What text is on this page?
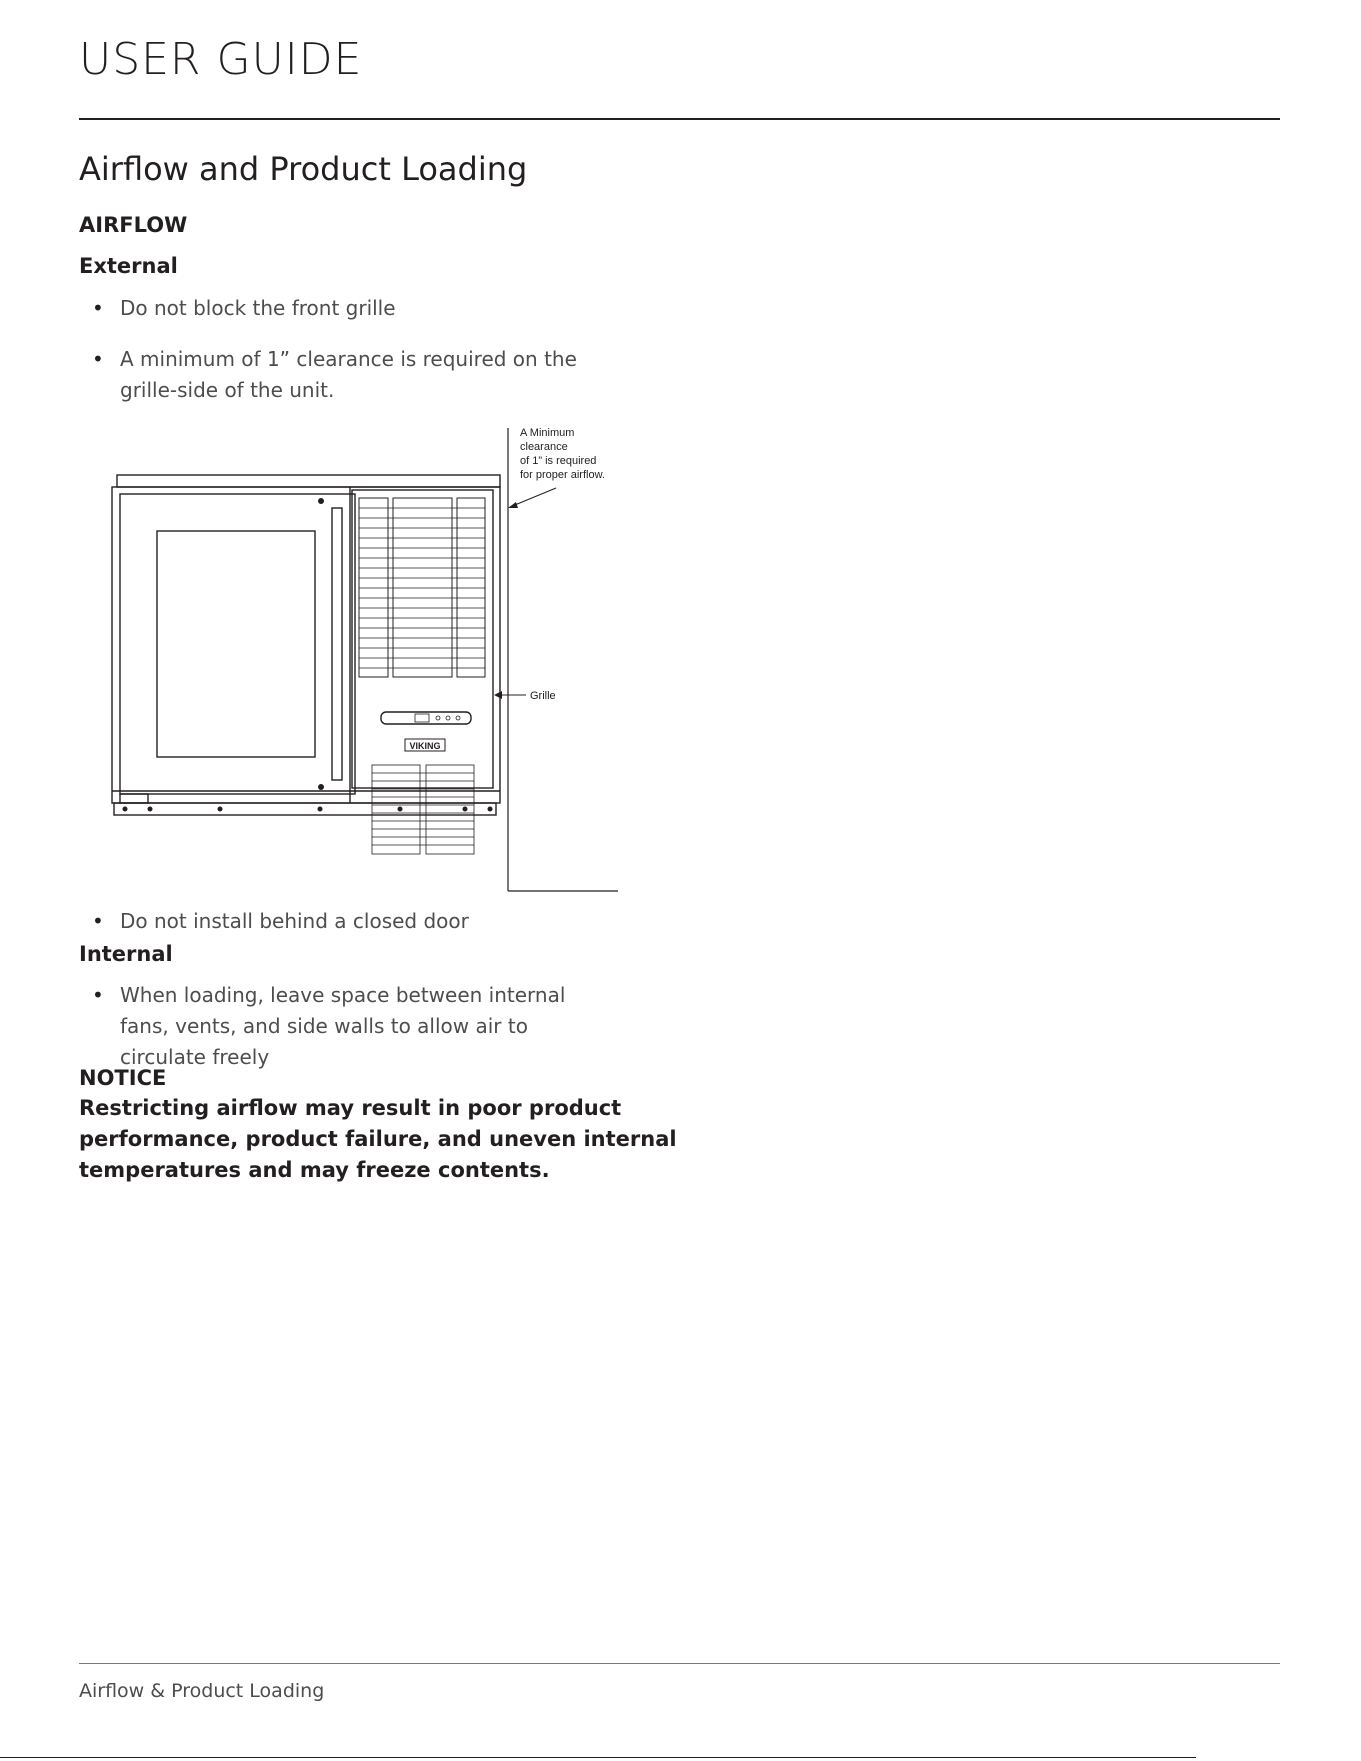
USER GUIDE
Airflow and Product Loading

AIRFLOW

External

• Do not block the front grille

• A minimum of 1” clearance is required on the grille-side of the unit.

VIKING
A Minimum
clearance
of 1” is required
for proper airflow.
Grille

• Do not install behind a closed door

Internal

• When loading, leave space between internal fans, vents, and side walls to allow air to circulate freely

NOTICE

Restricting airflow may result in poor product performance, product failure, and uneven internal temperatures and may freeze contents.

Airflow & Product Loading
